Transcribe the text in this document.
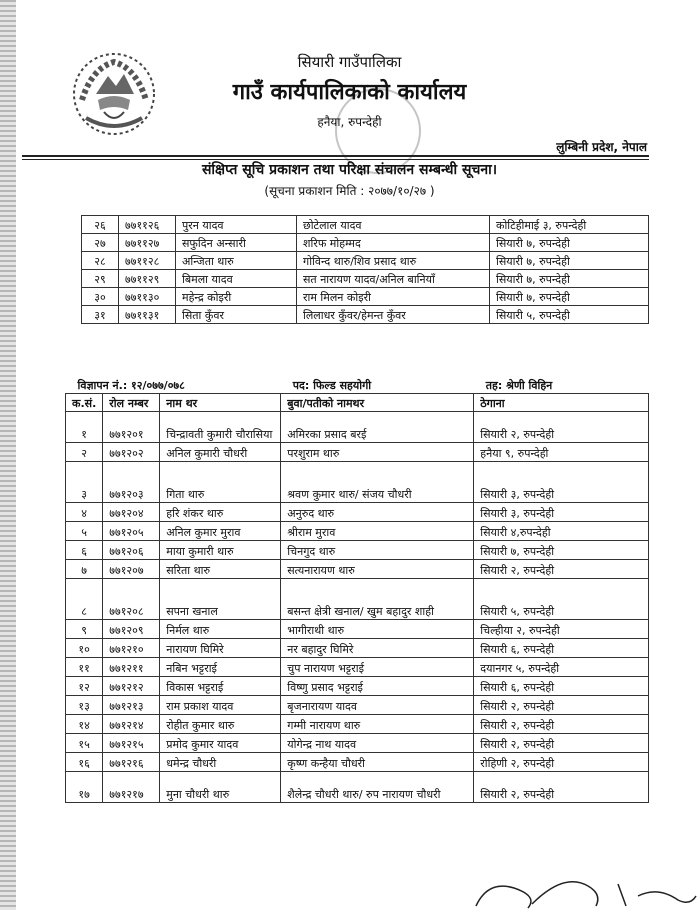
सियारी गाउँपालिका
गाउँ कार्यपालिकाको कार्यालय
हनैया, रुपन्देही
लुम्बिनी प्रदेश, नेपाल
संक्षिप्त सूचि प्रकाशन तथा परिक्षा संचालन सम्बन्धी सूचना।
(सूचना प्रकाशन मिति : २०७७/१०/२७ )
२६	७७११२६	पुरन यादव	छोटेलाल यादव	कोटिहीमाई ३, रुपन्देही
२७	७७११२७	सफुदिन अन्सारी	शरिफ मोहम्मद	सियारी ७, रुपन्देही
२८	७७११२८	अन्जिता थारु	गोविन्द थारु/शिव प्रसाद थारु	सियारी ७, रुपन्देही
२९	७७११२९	बिमला यादव	सत नारायण यादव/अनिल बानियाँ	सियारी ७, रुपन्देही
३०	७७११३०	महेन्द्र कोइरी	राम मिलन कोइरी	सियारी ७, रुपन्देही
३१	७७११३१	सिता कुँवर	लिलाधर कुँवर/हेमन्त कुँवर	सियारी ५, रुपन्देही
विज्ञापन नं.: १२/०७७/०७८			पद: फिल्ड सहयोगी	तह: श्रेणी विहिन
क.सं.	रोल नम्बर	नाम थर	बुवा/पतीको नामथर	ठेगाना
१	७७१२०१	चिन्द्रावती कुमारी चौरासिया	अमिरका प्रसाद बरई	सियारी २, रुपन्देही
२	७७१२०२	अनिल कुमारी चौधरी	परशुराम थारु	हनैया ९, रुपन्देही
३	७७१२०३	गिता थारु	श्रवण कुमार थारु/ संजय चौधरी	सियारी ३, रुपन्देही
४	७७१२०४	हरि शंकर थारु	अनुरुद थारु	सियारी ३, रुपन्देही
५	७७१२०५	अनिल कुमार मुराव	श्रीराम मुराव	सियारी ४,रुपन्देही
६	७७१२०६	माया कुमारी थारु	चिनगुद थारु	सियारी ७, रुपन्देही
७	७७१२०७	सरिता थारु	सत्यनारायण थारु	सियारी २, रुपन्देही
८	७७१२०८	सपना खनाल	बसन्त क्षेत्री खनाल/ खुम बहादुर शाही	सियारी ५, रुपन्देही
९	७७१२०९	निर्मल थारु	भागीराथी थारु	चिल्हीया २, रुपन्देही
१०	७७१२१०	नारायण घिमिरे	नर बहादुर घिमिरे	सियारी ६, रुपन्देही
११	७७१२११	नबिन भट्टराई	चुप नारायण भट्टराई	दयानगर ५, रुपन्देही
१२	७७१२१२	विकास भट्टराई	विष्णु प्रसाद भट्टराई	सियारी ६, रुपन्देही
१३	७७१२१३	राम प्रकाश यादव	बृजनारायण यादव	सियारी २, रुपन्देही
१४	७७१२१४	रोहीत कुमार थारु	गम्मी नारायण थारु	सियारी २, रुपन्देही
१५	७७१२१५	प्रमोद कुमार यादव	योगेन्द्र नाथ यादव	सियारी २, रुपन्देही
१६	७७१२१६	धमेन्द्र चौधरी	कृष्ण कन्हैया चौधरी	रोहिणी २, रुपन्देही
१७	७७१२१७	मुना चौधरी थारु	शैलेन्द्र चौधरी थारु/ रुप नारायण चौधरी	सियारी २, रुपन्देही
